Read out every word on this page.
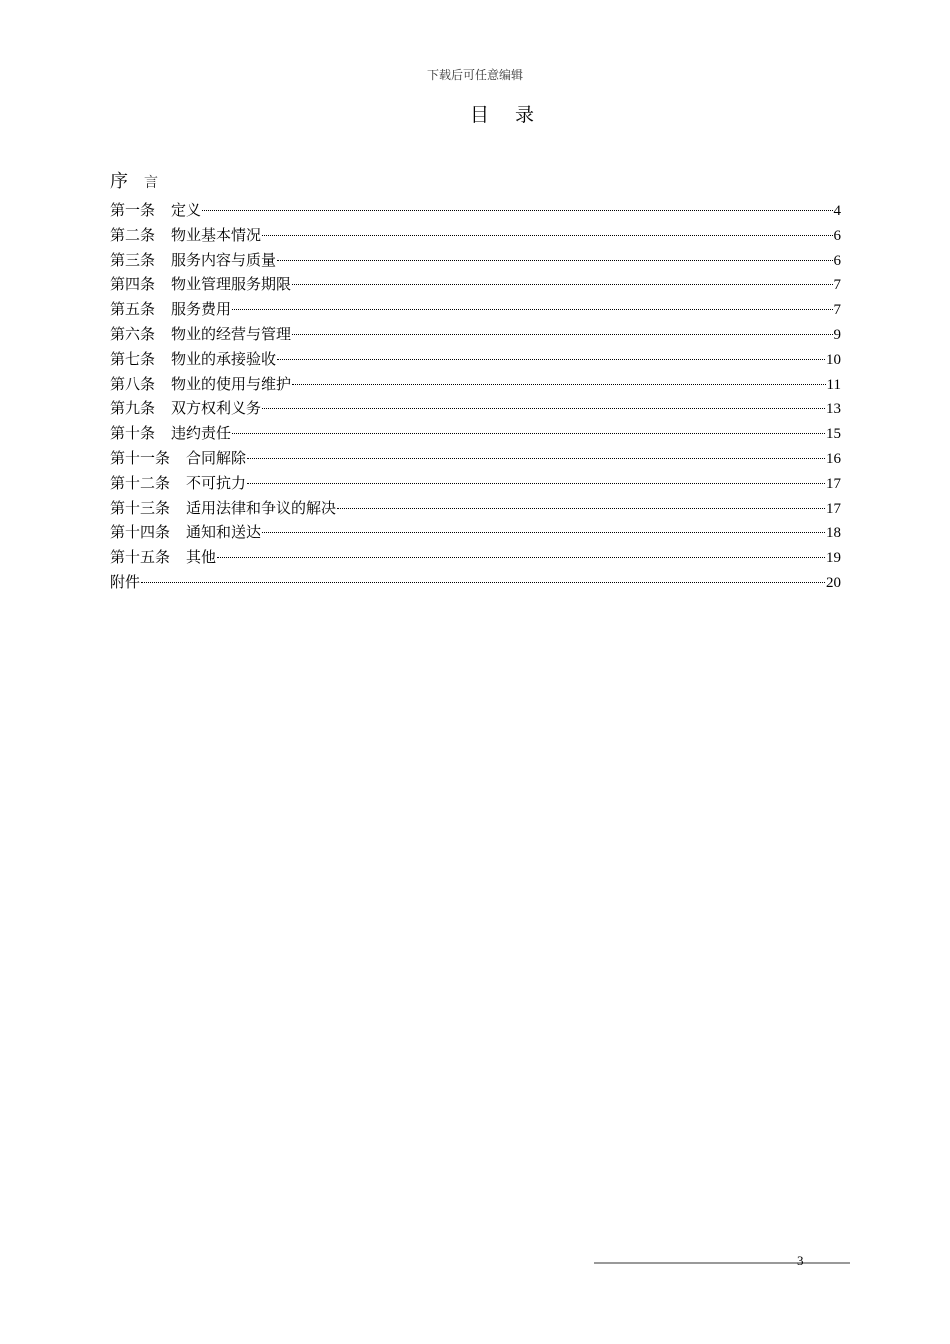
下载后可任意编辑
目录
序 言
第一条 定义	4
第二条 物业基本情况	6
第三条 服务内容与质量	6
第四条 物业管理服务期限	7
第五条 服务费用	7
第六条 物业的经营与管理	9
第七条 物业的承接验收	10
第八条 物业的使用与维护	11
第九条 双方权利义务	13
第十条 违约责任	15
第十一条 合同解除	16
第十二条 不可抗力	17
第十三条 适用法律和争议的解决	17
第十四条 通知和送达	18
第十五条 其他	19
附件	20
3
